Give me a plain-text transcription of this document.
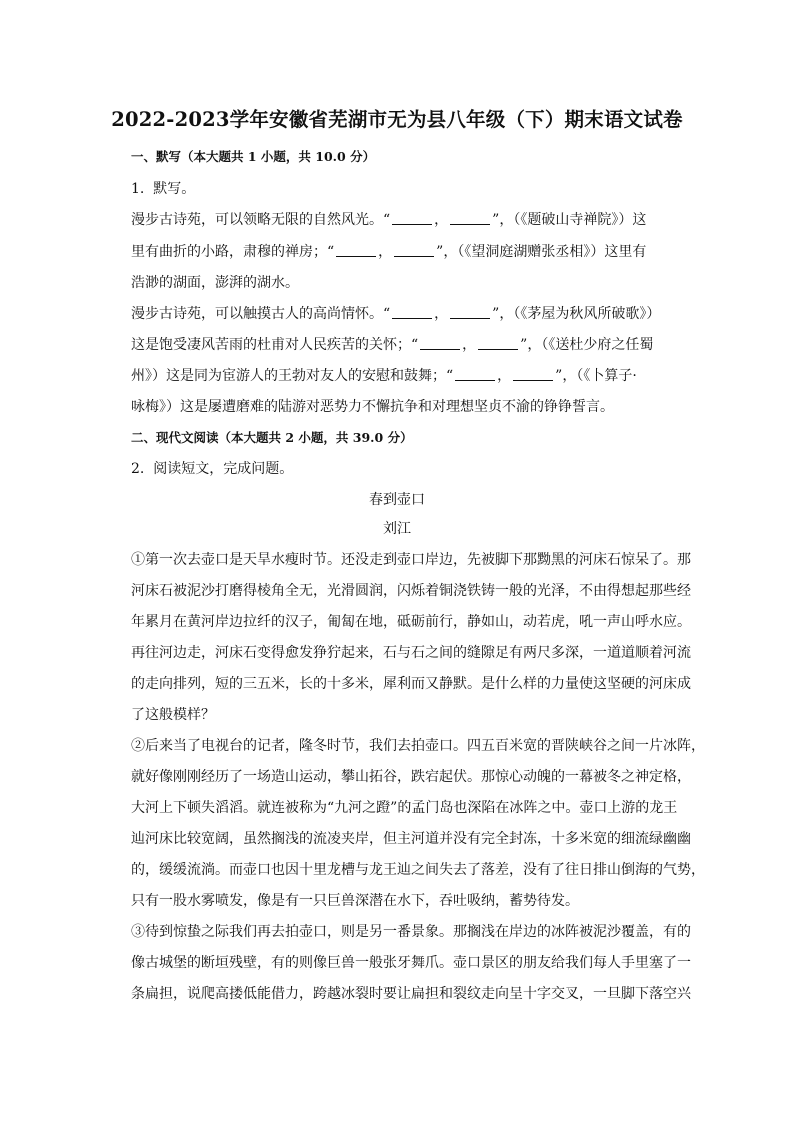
2022-2023学年安徽省芜湖市无为县八年级（下）期末语文试卷
一、默写（本大题共 1 小题，共 10.0 分）
1. 默写。
漫步古诗苑，可以领略无限的自然风光。“	，	”，（《题破山寺禅院》）这
里有曲折的小路，肃穆的禅房；“	，	”，（《望洞庭湖赠张丞相》）这里有
浩渺的湖面，澎湃的湖水。
漫步古诗苑，可以触摸古人的高尚情怀。“	，	”，（《茅屋为秋风所破歌》）
这是饱受凄风苦雨的杜甫对人民疾苦的关怀；“	，	”，（《送杜少府之任蜀
州》）这是同为宦游人的王勃对友人的安慰和鼓舞；“	，	”，（《卜算子·
咏梅》）这是屡遭磨难的陆游对恶势力不懈抗争和对理想坚贞不渝的铮铮誓言。
二、现代文阅读（本大题共 2 小题，共 39.0 分）
2. 阅读短文，完成问题。
春到壶口
刘江
①第一次去壶口是天旱水瘦时节。还没走到壶口岸边，先被脚下那黝黑的河床石惊呆了。那
河床石被泥沙打磨得棱角全无，光滑圆润，闪烁着铜浇铁铸一般的光泽，不由得想起那些经
年累月在黄河岸边拉纤的汉子，匍匐在地，砥砺前行，静如山，动若虎，吼一声山呼水应。
再往河边走，河床石变得愈发狰狞起来，石与石之间的缝隙足有两尺多深，一道道顺着河流
的走向排列，短的三五米，长的十多米，犀利而又静默。是什么样的力量使这坚硬的河床成
了这般模样？
②后来当了电视台的记者，隆冬时节，我们去拍壶口。四五百米宽的晋陕峡谷之间一片冰阵，
就好像刚刚经历了一场造山运动，攀山拓谷，跌宕起伏。那惊心动魄的一幕被冬之神定格，
大河上下顿失滔滔。就连被称为“九河之蹬”的孟门岛也深陷在冰阵之中。壶口上游的龙王
辿河床比较宽阔，虽然搁浅的流凌夹岸，但主河道并没有完全封冻，十多米宽的细流绿幽幽
的，缓缓流淌。而壶口也因十里龙槽与龙王辿之间失去了落差，没有了往日排山倒海的气势，
只有一股水雾喷发，像是有一只巨兽深潜在水下，吞吐吸纳，蓄势待发。
③待到惊蛰之际我们再去拍壶口，则是另一番景象。那搁浅在岸边的冰阵被泥沙覆盖，有的
像古城堡的断垣残壁，有的则像巨兽一般张牙舞爪。壶口景区的朋友给我们每人手里塞了一
条扁担，说爬高搂低能借力，跨越冰裂时要让扁担和裂纹走向呈十字交叉，一旦脚下落空兴
